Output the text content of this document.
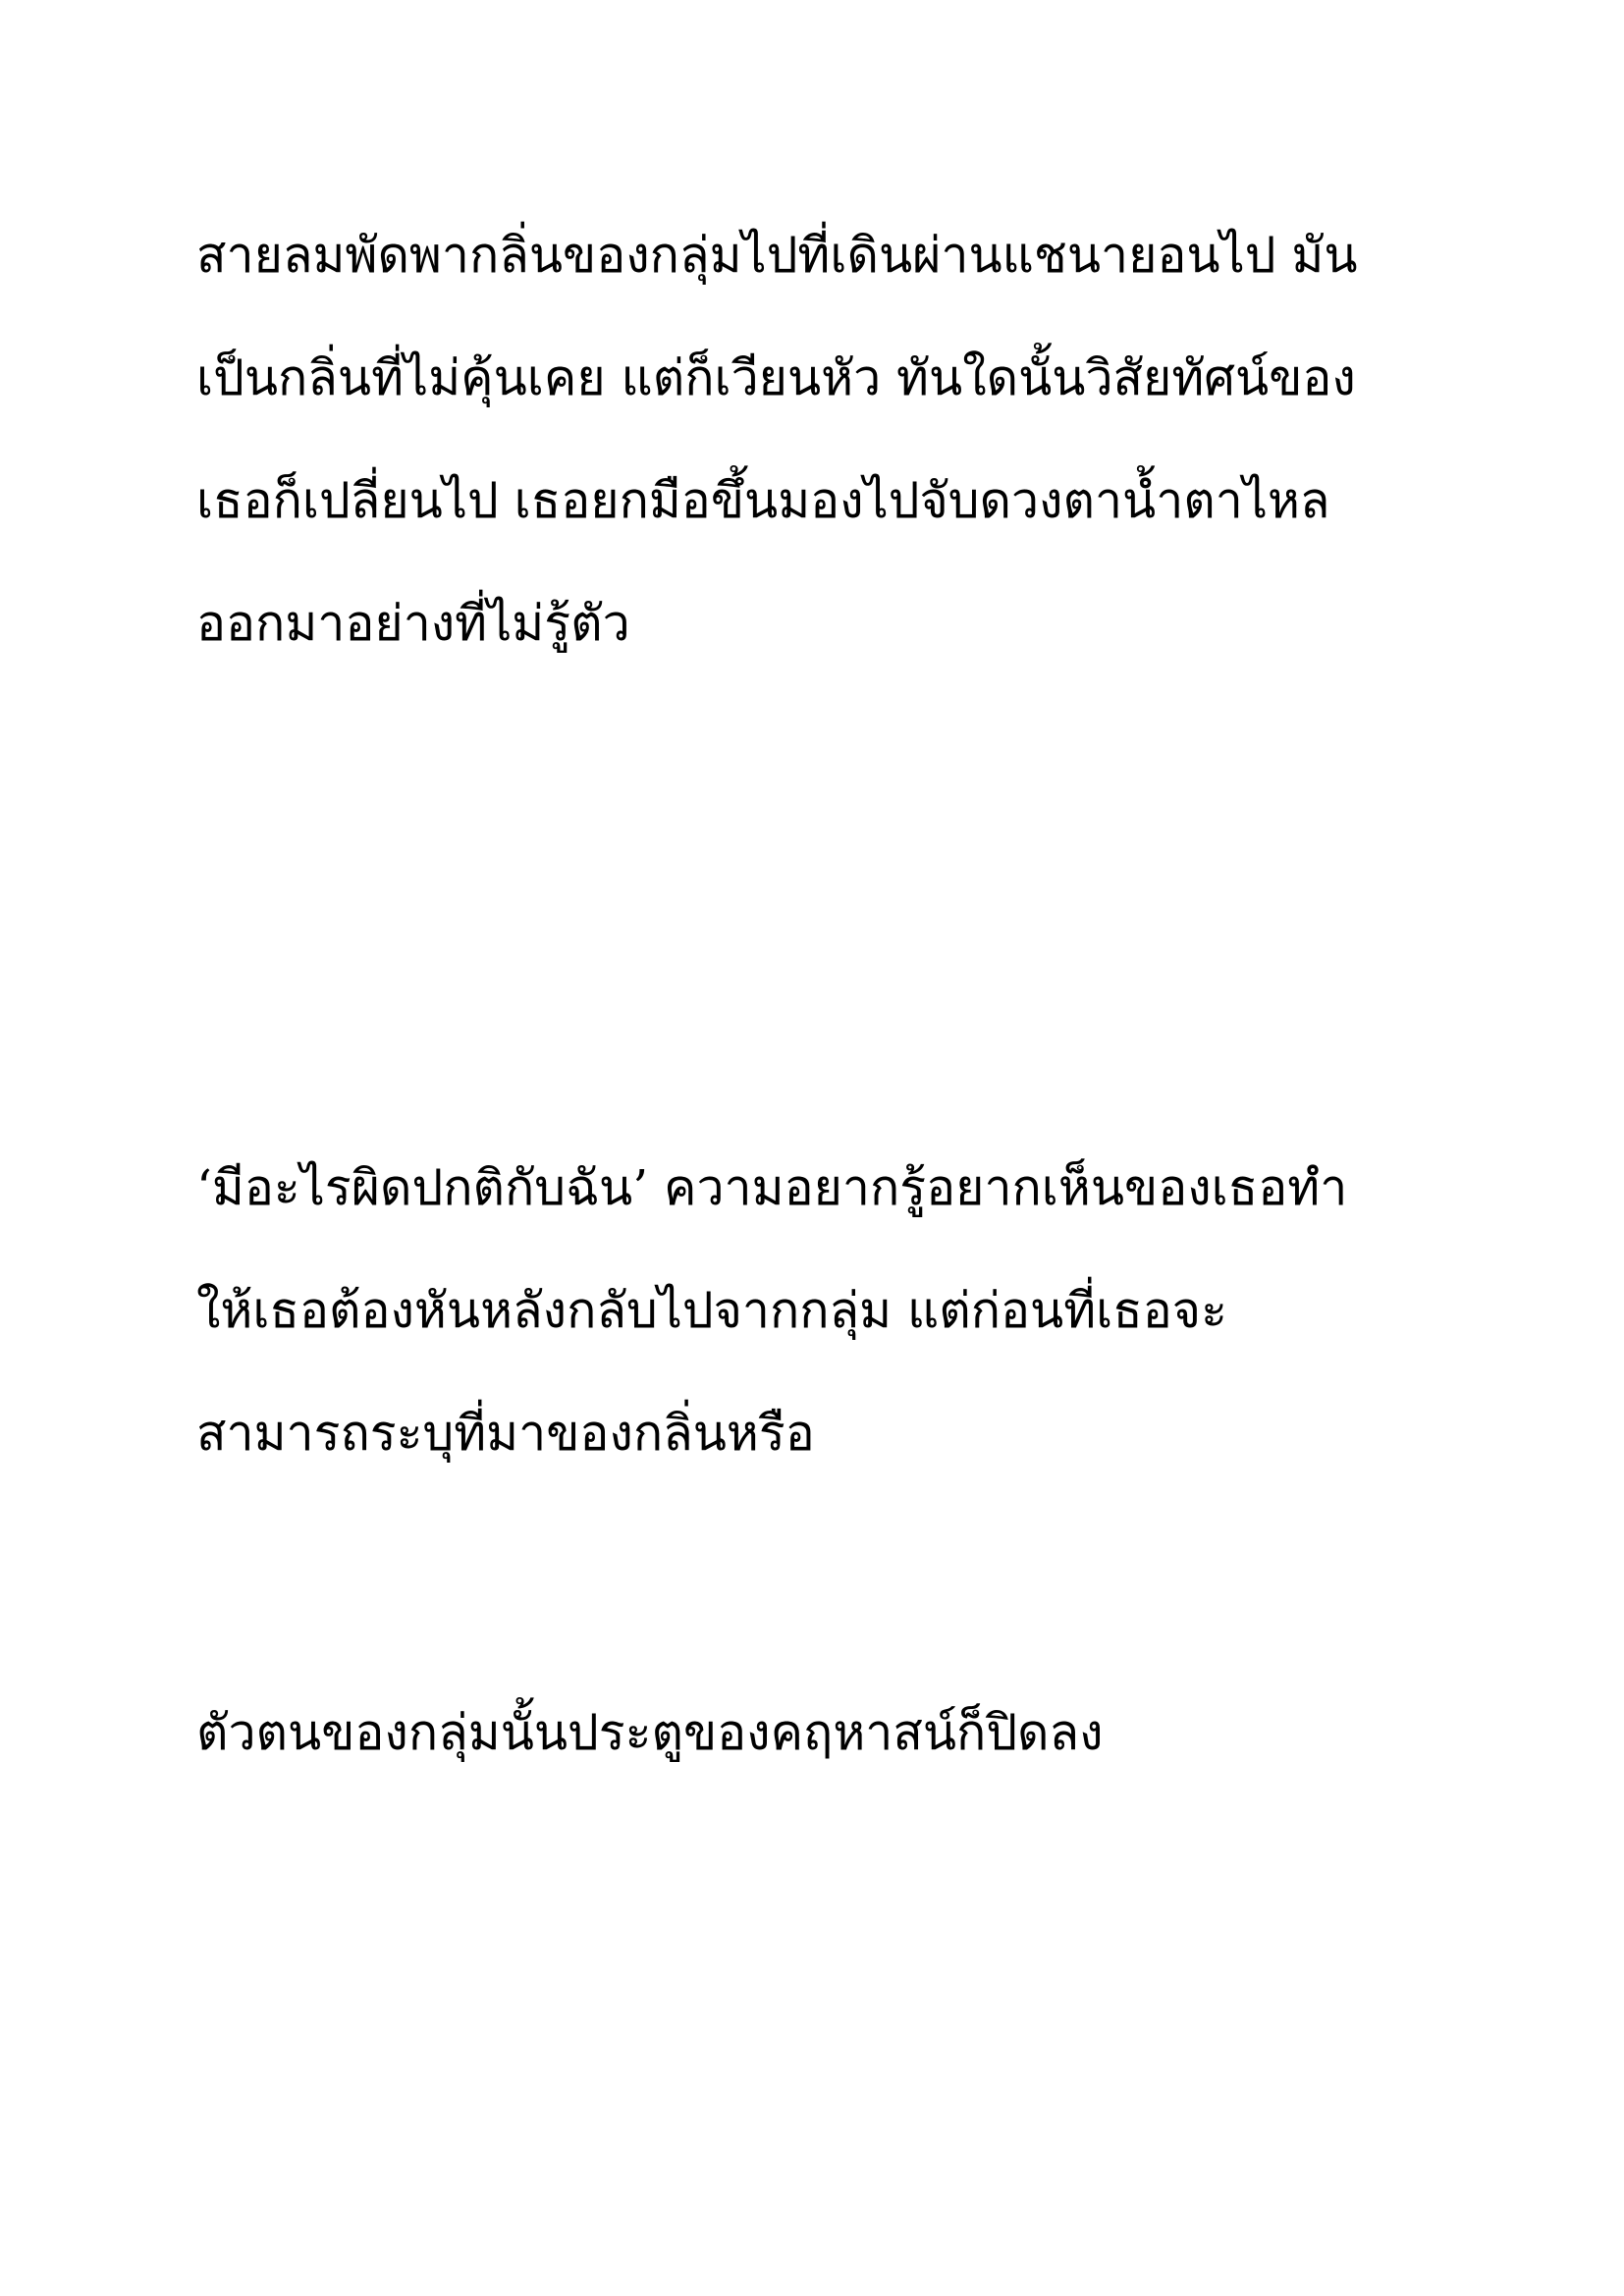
สายลมพัดพากลิ่นของกลุ่มไปที่เดินผ่านแชนายอนไป มัน

เป็นกลิ่นที่ไม่คุ้นเคย แต่ก็เวียนหัว ทันใดนั้นวิสัยทัศน์ของ

เธอก็เปลี่ยนไป เธอยกมือขึ้นมองไปจับดวงตาน้ำตาไหล

ออกมาอย่างที่ไม่รู้ตัว

‘มีอะไรผิดปกติกับฉัน’ ความอยากรู้อยากเห็นของเธอทำ

ให้เธอต้องหันหลังกลับไปจากกลุ่ม แต่ก่อนที่เธอจะ

สามารถระบุที่มาของกลิ่นหรือ

ตัวตนของกลุ่มนั้นประตูของคฤหาสน์ก็ปิดลง
